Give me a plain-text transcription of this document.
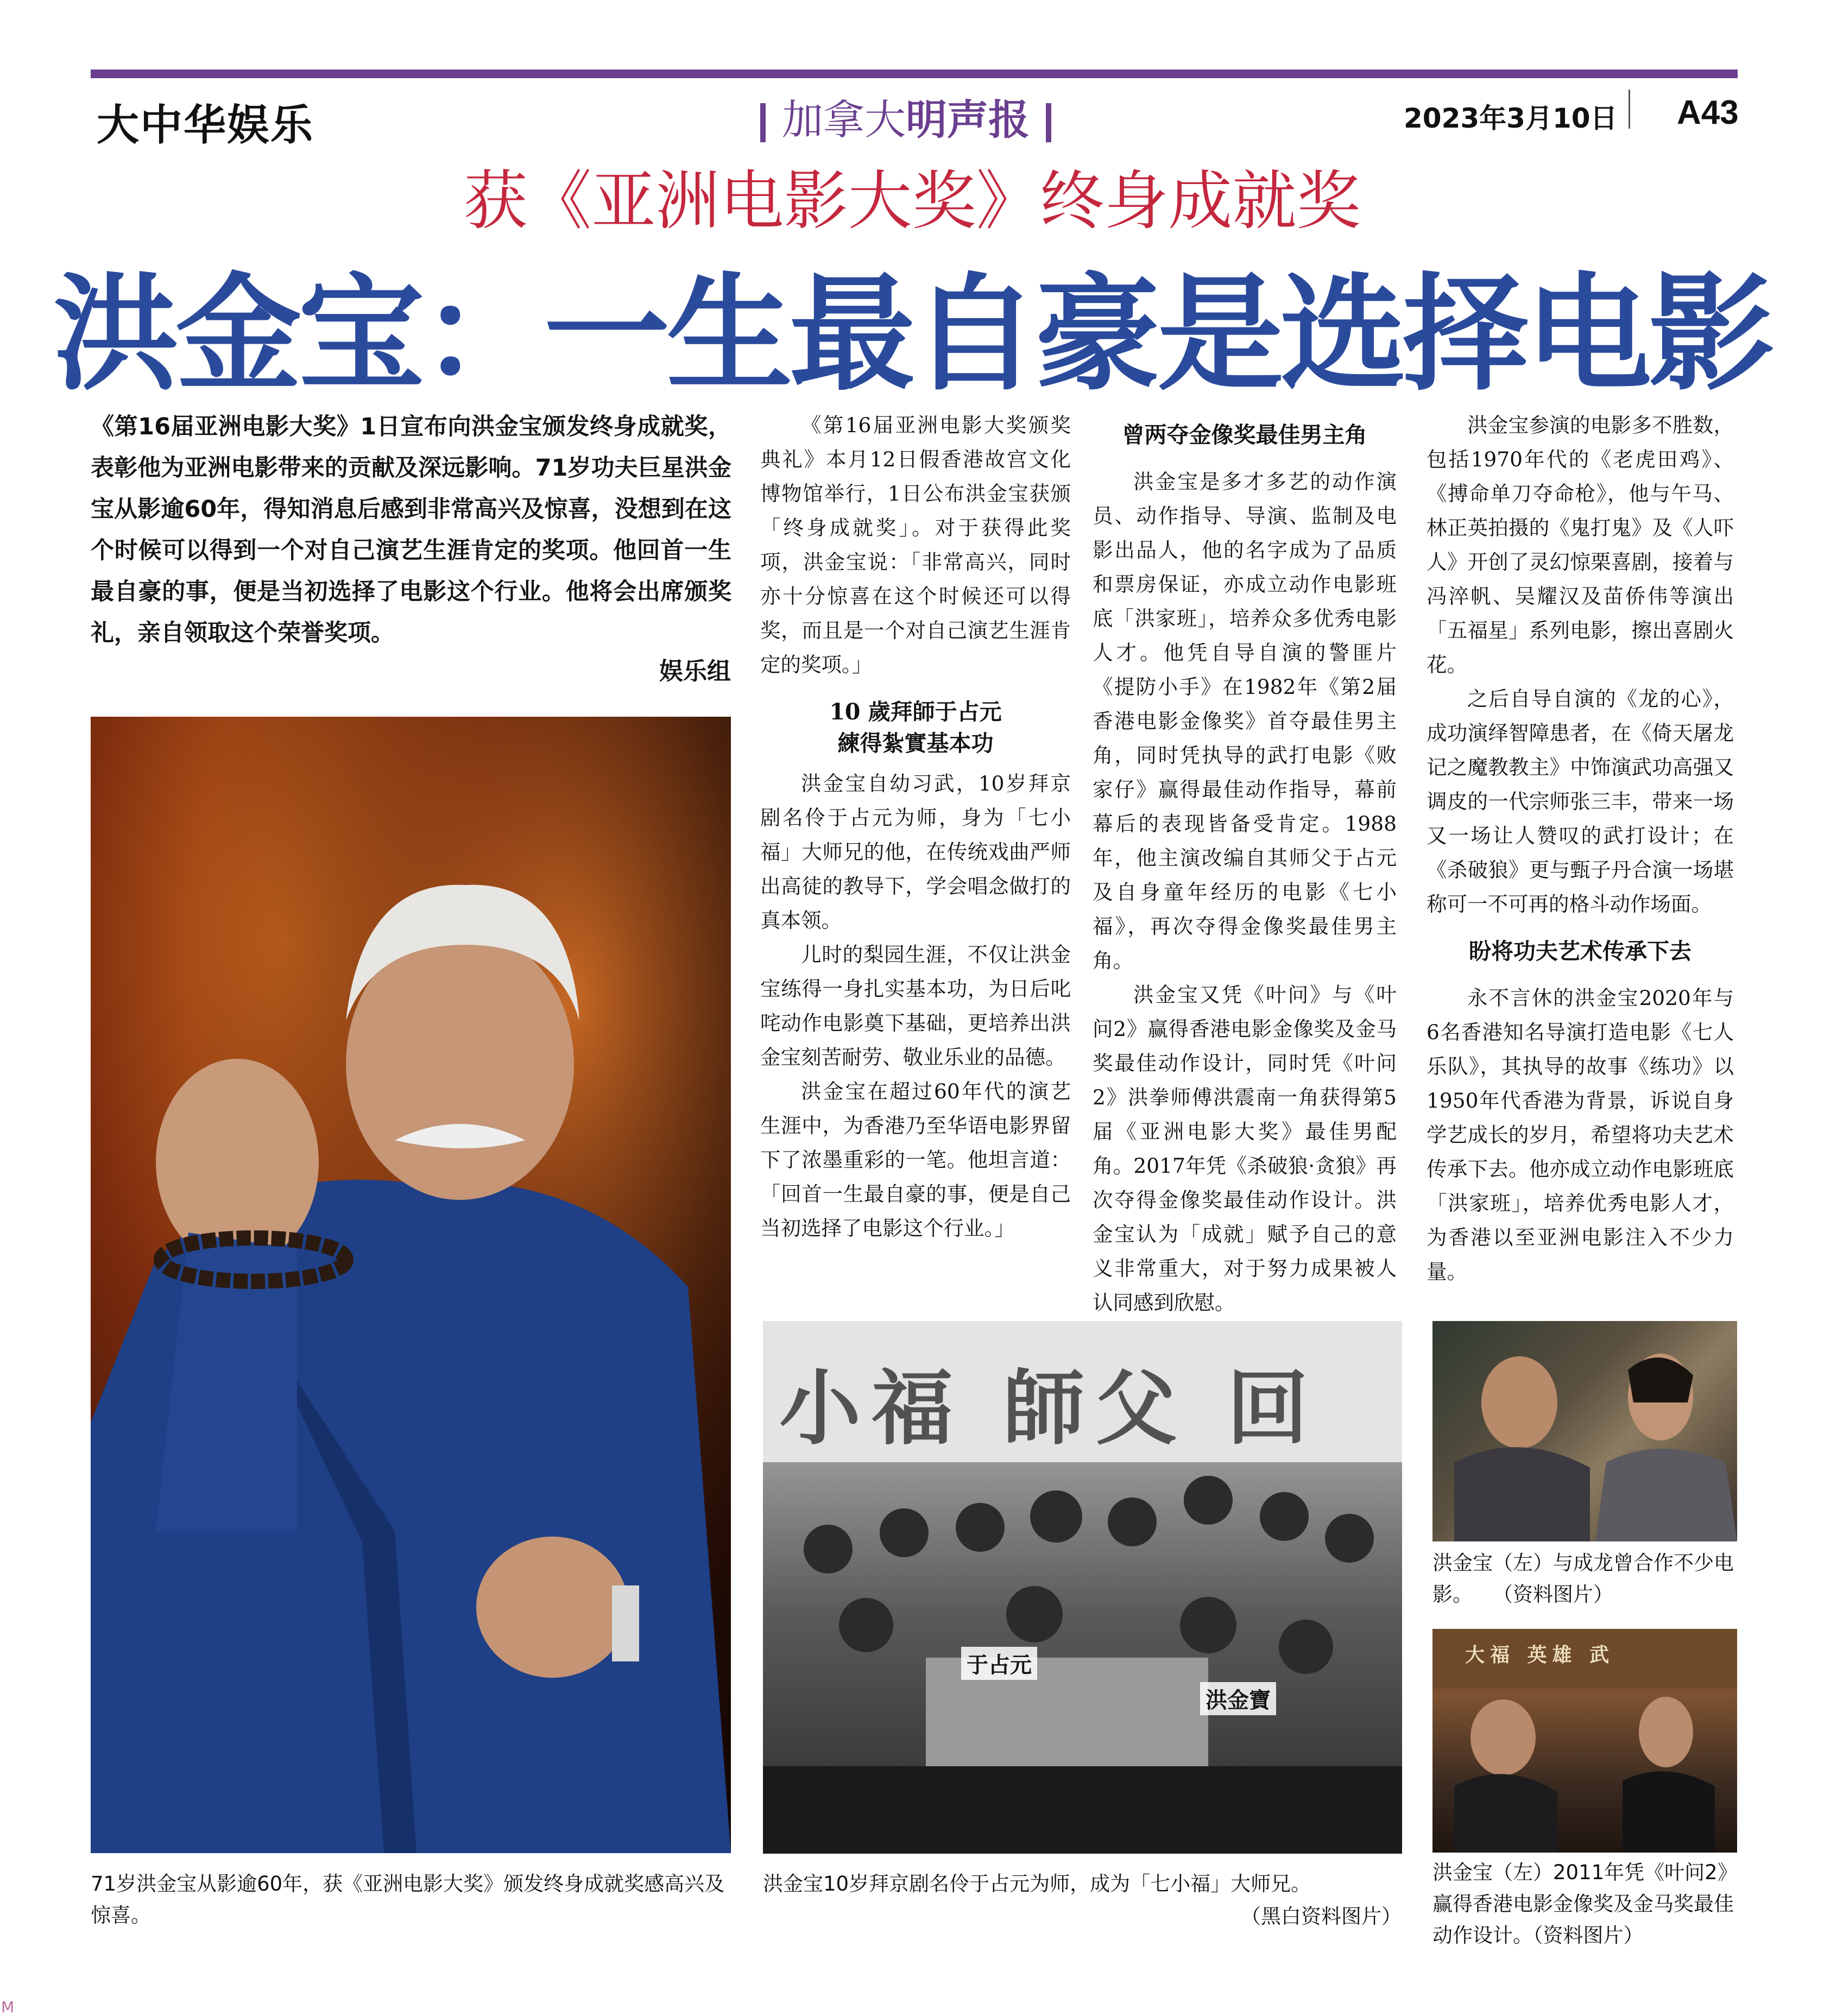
大中华娱乐	加拿大明声报	2023年3月10日 A43
获《亚洲电影大奖》终身成就奖
洪金宝：一生最自豪是选择电影
《第16届亚洲电影大奖》1日宣布向洪金宝颁发终身成就奖，表彰他为亚洲电影带来的贡献及深远影响。71岁功夫巨星洪金宝从影逾60年，得知消息后感到非常高兴及惊喜，没想到在这个时候可以得到一个对自己演艺生涯肯定的奖项。他回首一生最自豪的事，便是当初选择了电影这个行业。他将会出席颁奖礼，亲自领取这个荣誉奖项。
娱乐组

《第16届亚洲电影大奖颁奖典礼》本月12日假香港故宫文化博物馆举行，1日公布洪金宝获颁「终身成就奖」。对于获得此奖项，洪金宝说：「非常高兴，同时亦十分惊喜在这个时候还可以得奖，而且是一个对自己演艺生涯肯定的奖项。」

10 歲拜師于占元
練得紮實基本功

洪金宝自幼习武，10岁拜京剧名伶于占元为师，身为「七小福」大师兄的他，在传统戏曲严师出高徒的教导下，学会唱念做打的真本领。

儿时的梨园生涯，不仅让洪金宝练得一身扎实基本功，为日后叱咤动作电影奠下基础，更培养出洪金宝刻苦耐劳、敬业乐业的品德。

洪金宝在超过60年代的演艺生涯中，为香港乃至华语电影界留下了浓墨重彩的一笔。他坦言道：「回首一生最自豪的事，便是自己当初选择了电影这个行业。」

曾两夺金像奖最佳男主角

洪金宝是多才多艺的动作演员、动作指导、导演、监制及电影出品人，他的名字成为了品质和票房保证，亦成立动作电影班底「洪家班」，培养众多优秀电影人才。他凭自导自演的警匪片《提防小手》在1982年《第2届香港电影金像奖》首夺最佳男主角，同时凭执导的武打电影《败家仔》赢得最佳动作指导，幕前幕后的表现皆备受肯定。1988年，他主演改编自其师父于占元及自身童年经历的电影《七小福》，再次夺得金像奖最佳男主角。

洪金宝又凭《叶问》与《叶问2》赢得香港电影金像奖及金马奖最佳动作设计，同时凭《叶问2》洪拳师傅洪震南一角获得第5届《亚洲电影大奖》最佳男配角。2017年凭《杀破狼·贪狼》再次夺得金像奖最佳动作设计。洪金宝认为「成就」赋予自己的意义非常重大，对于努力成果被人认同感到欣慰。

洪金宝参演的电影多不胜数，包括1970年代的《老虎田鸡》、《搏命单刀夺命枪》，他与午马、林正英拍摄的《鬼打鬼》及《人吓人》开创了灵幻惊栗喜剧，接着与冯淬帆、吴耀汉及苗侨伟等演出「五福星」系列电影，擦出喜剧火花。

之后自导自演的《龙的心》，成功演绎智障患者，在《倚天屠龙记之魔教教主》中饰演武功高强又调皮的一代宗师张三丰，带来一场又一场让人赞叹的武打设计；在《杀破狼》更与甄子丹合演一场堪称可一不可再的格斗动作场面。

盼将功夫艺术传承下去

永不言休的洪金宝2020年与6名香港知名导演打造电影《七人乐队》，其执导的故事《练功》以1950年代香港为背景，诉说自身学艺成长的岁月，希望将功夫艺术传承下去。他亦成立动作电影班底「洪家班」，培养优秀电影人才，为香港以至亚洲电影注入不少力量。

小福 師父 回
于占元
洪金寶
大福 英雄 武
71岁洪金宝从影逾60年，获《亚洲电影大奖》颁发终身成就奖感高兴及惊喜。
洪金宝10岁拜京剧名伶于占元为师，成为「七小福」大师兄。
（黑白资料图片）
洪金宝（左）与成龙曾合作不少电影。　　（资料图片）
洪金宝（左）2011年凭《叶问2》赢得香港电影金像奖及金马奖最佳动作设计。（资料图片）
M
